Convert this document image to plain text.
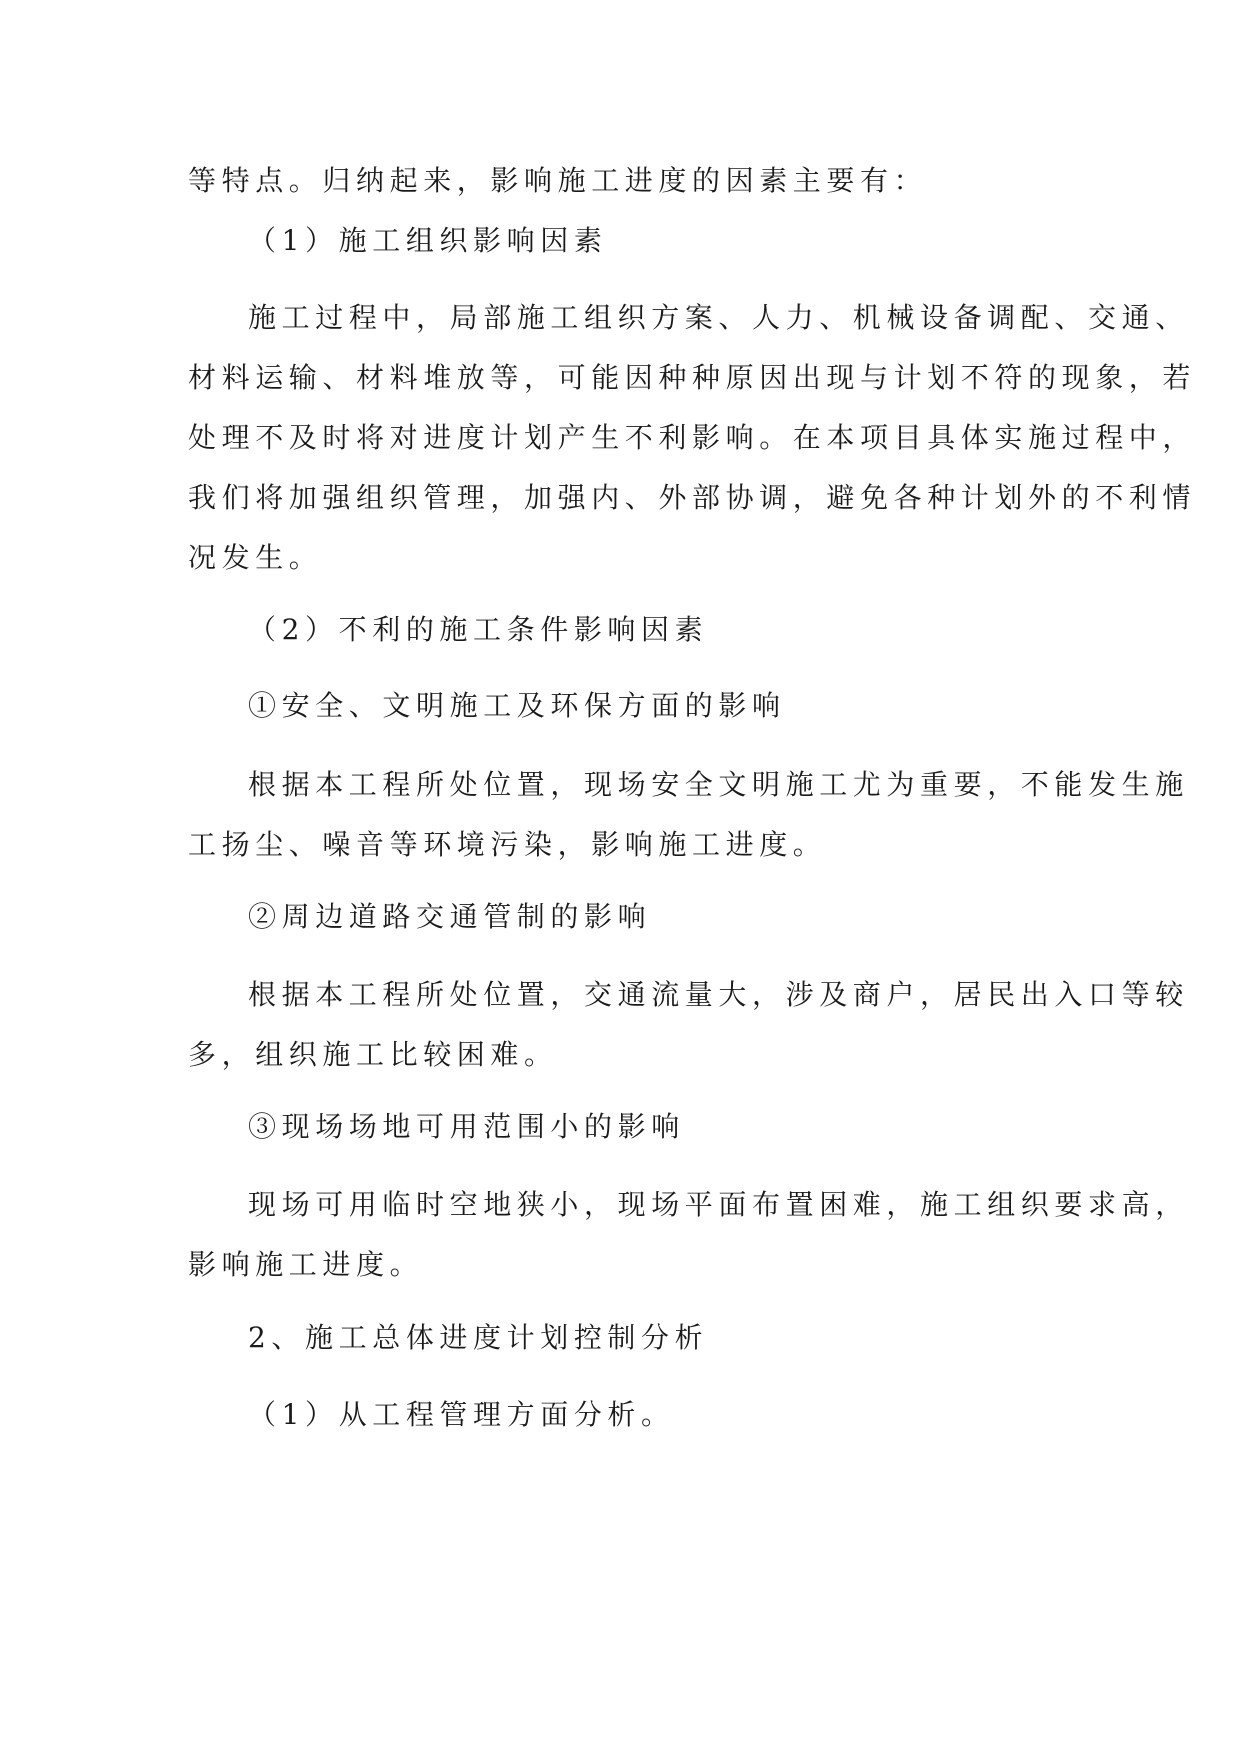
等特点。归纳起来，影响施工进度的因素主要有：
（1）施工组织影响因素
施工过程中，局部施工组织方案、人力、机械设备调配、交通、
材料运输、材料堆放等，可能因种种原因出现与计划不符的现象，若
处理不及时将对进度计划产生不利影响。在本项目具体实施过程中，
我们将加强组织管理，加强内、外部协调，避免各种计划外的不利情
况发生。
（2）不利的施工条件影响因素
①安全、文明施工及环保方面的影响
根据本工程所处位置，现场安全文明施工尤为重要，不能发生施
工扬尘、噪音等环境污染，影响施工进度。
②周边道路交通管制的影响
根据本工程所处位置，交通流量大，涉及商户，居民出入口等较
多，组织施工比较困难。
③现场场地可用范围小的影响
现场可用临时空地狭小，现场平面布置困难，施工组织要求高，
影响施工进度。
2、施工总体进度计划控制分析
（1）从工程管理方面分析。
